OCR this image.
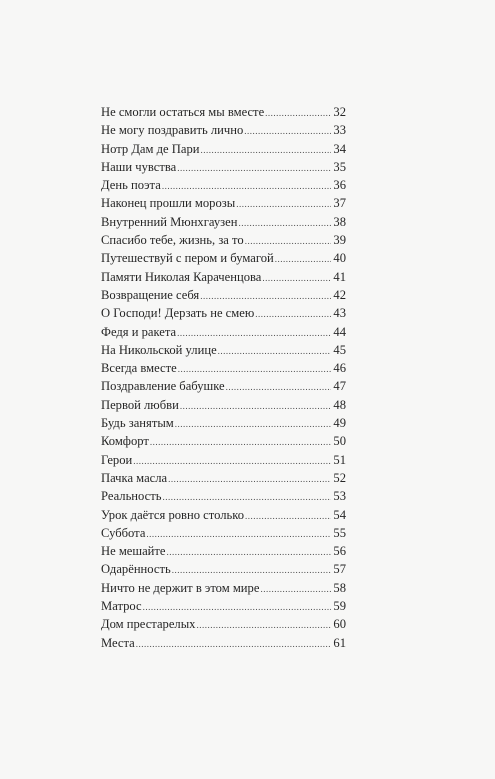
Не смогли остаться мы вместе .....	32
Не могу поздравить лично .....	33
Нотр Дам де Пари .....	34
Наши чувства .....	35
День поэта .....	36
Наконец прошли морозы .....	37
Внутренний Мюнхгаузен .....	38
Спасибо тебе, жизнь, за то .....	39
Путешествуй с пером и бумагой .....	40
Памяти Николая Караченцова .....	41
Возвращение себя .....	42
О Господи! Дерзать не смею .....	43
Федя и ракета .....	44
На Никольской улице .....	45
Всегда вместе .....	46
Поздравление бабушке .....	47
Первой любви .....	48
Будь занятым .....	49
Комфорт .....	50
Герои .....	51
Пачка масла .....	52
Реальность .....	53
Урок даётся ровно столько .....	54
Суббота .....	55
Не мешайте .....	56
Одарённость .....	57
Ничто не держит в этом мире .....	58
Матрос .....	59
Дом престарелых .....	60
Места .....	61
